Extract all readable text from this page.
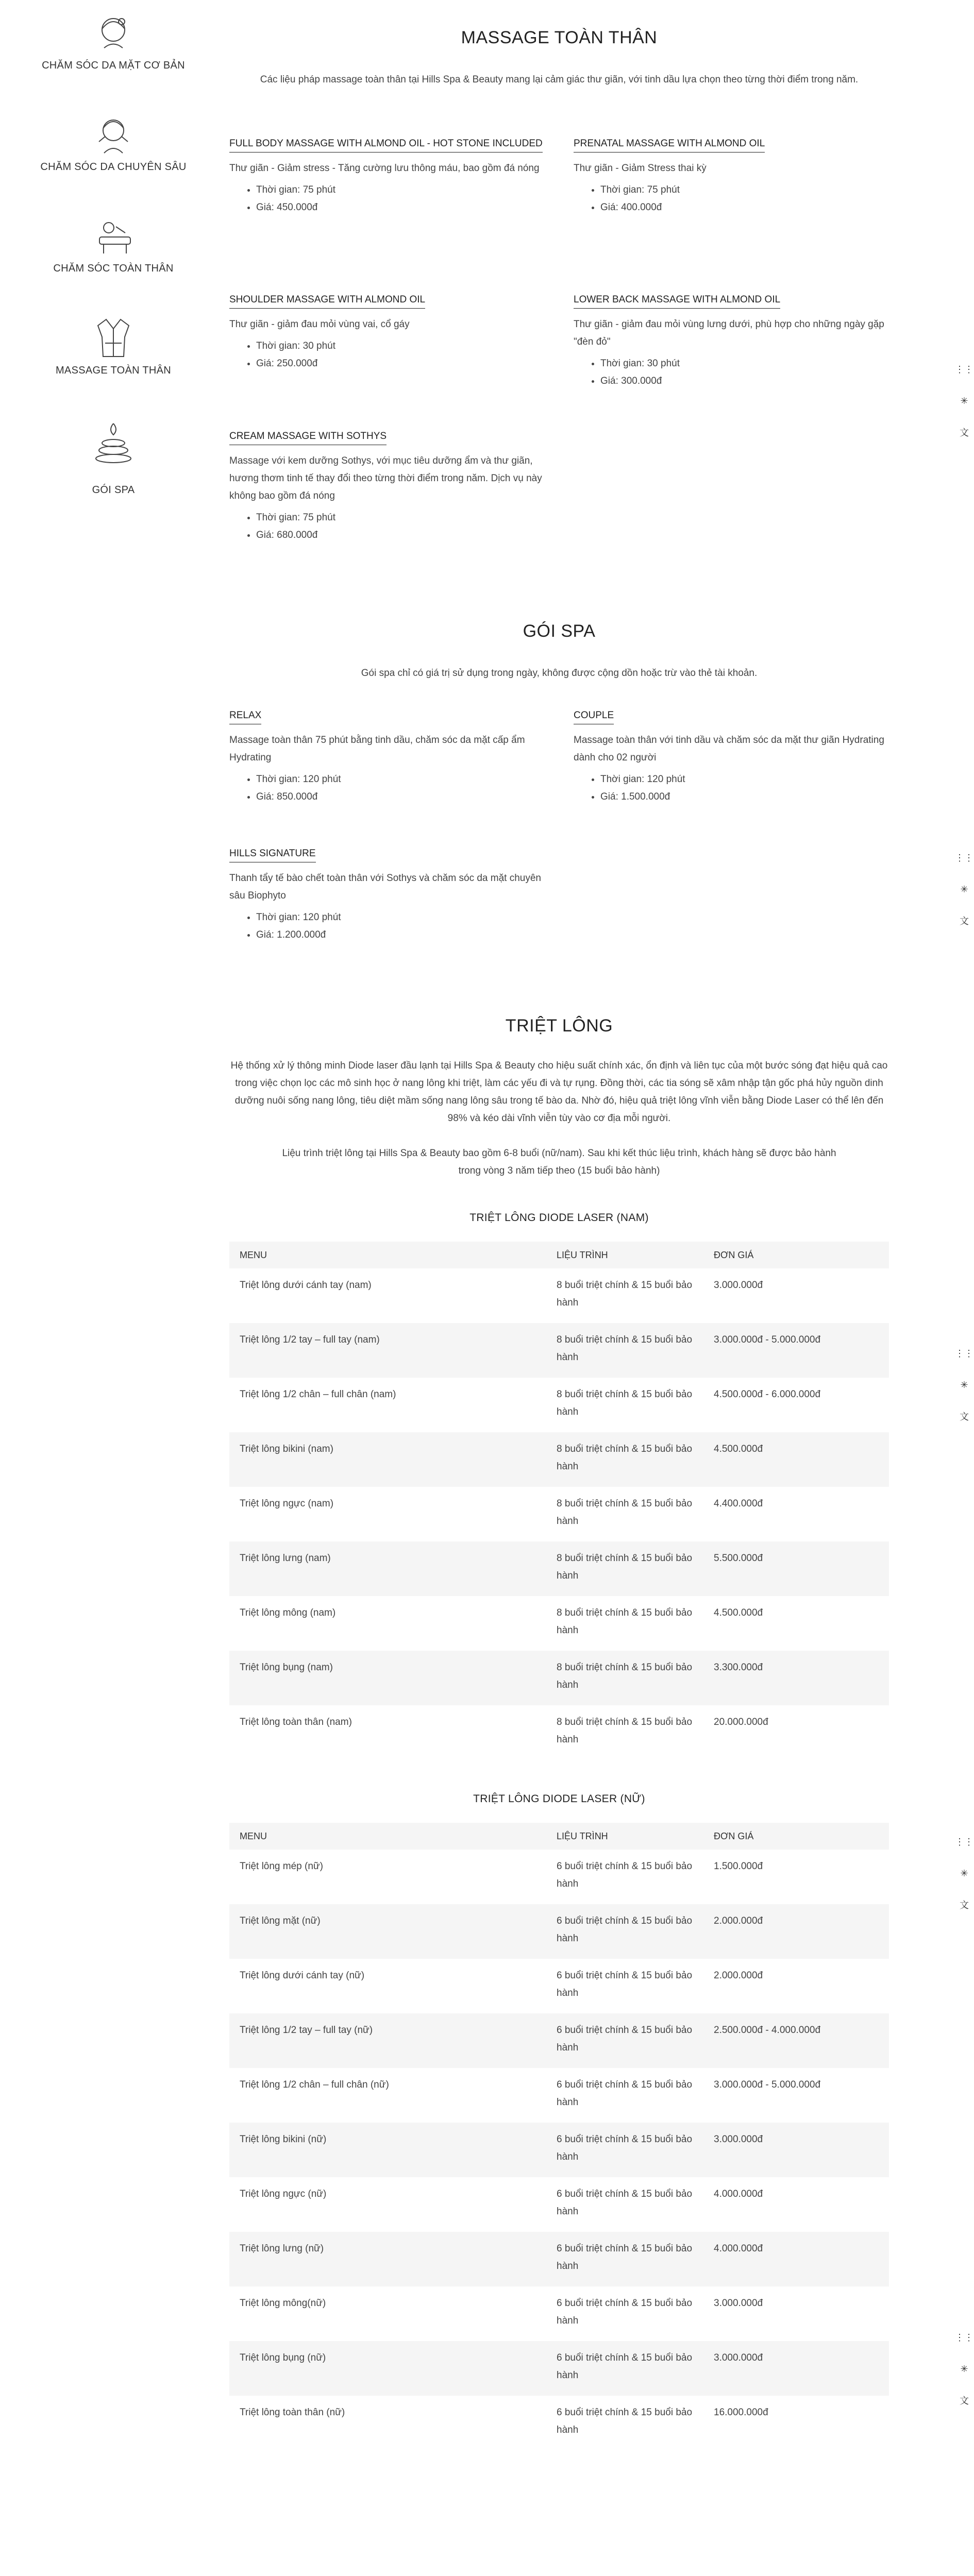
CHĂM SÓC DA MẶT CƠ BẢN
CHĂM SÓC DA CHUYÊN SÂU
CHĂM SÓC TOÀN THÂN
MASSAGE TOÀN THÂN
GÓI SPA
MASSAGE TOÀN THÂN

Các liệu pháp massage toàn thân tại Hills Spa & Beauty mang lại cảm giác thư giãn, với tinh dầu lựa chọn theo từng thời điểm trong năm.

FULL BODY MASSAGE WITH ALMOND OIL - HOT STONE INCLUDED

Thư giãn - Giảm stress - Tăng cường lưu thông máu, bao gồm đá nóng

• Thời gian: 75 phút
• Giá: 450.000đ
PRENATAL MASSAGE WITH ALMOND OIL

Thư giãn - Giảm Stress thai kỳ

• Thời gian: 75 phút
• Giá: 400.000đ
SHOULDER MASSAGE WITH ALMOND OIL

Thư giãn - giảm đau mỏi vùng vai, cổ gáy

• Thời gian: 30 phút
• Giá: 250.000đ
LOWER BACK MASSAGE WITH ALMOND OIL

Thư giãn - giảm đau mỏi vùng lưng dưới, phù hợp cho những ngày gặp "đèn đỏ"

• Thời gian: 30 phút
• Giá: 300.000đ
CREAM MASSAGE WITH SOTHYS

Massage với kem dưỡng Sothys, với mục tiêu dưỡng ẩm và thư giãn, hương thơm tinh tế thay đổi theo từng thời điểm trong năm. Dịch vụ này không bao gồm đá nóng

• Thời gian: 75 phút
• Giá: 680.000đ
GÓI SPA

Gói spa chỉ có giá trị sử dụng trong ngày, không được cộng dồn hoặc trừ vào thẻ tài khoản.

RELAX

Massage toàn thân 75 phút bằng tinh dầu, chăm sóc da mặt cấp ẩm Hydrating

• Thời gian: 120 phút
• Giá: 850.000đ
COUPLE

Massage toàn thân với tinh dầu và chăm sóc da mặt thư giãn Hydrating dành cho 02 người

• Thời gian: 120 phút
• Giá: 1.500.000đ
HILLS SIGNATURE

Thanh tẩy tế bào chết toàn thân với Sothys và chăm sóc da mặt chuyên sâu Biophyto

• Thời gian: 120 phút
• Giá: 1.200.000đ
TRIỆT LÔNG

Hệ thống xử lý thông minh Diode laser đầu lạnh tại Hills Spa & Beauty cho hiệu suất chính xác, ổn định và liên tục của một bước sóng đạt hiệu quả cao trong việc chọn lọc các mô sinh học ở nang lông khi triệt, làm các yếu đi và tự rụng. Đồng thời, các tia sóng sẽ xâm nhập tận gốc phá hủy nguồn dinh dưỡng nuôi sống nang lông, tiêu diệt mầm sống nang lông sâu trong tế bào da. Nhờ đó, hiệu quả triệt lông vĩnh viễn bằng Diode Laser có thể lên đến 98% và kéo dài vĩnh viễn tùy vào cơ địa mỗi người.

Liệu trình triệt lông tại Hills Spa & Beauty bao gồm 6-8 buổi (nữ/nam). Sau khi kết thúc liệu trình, khách hàng sẽ được bảo hành trong vòng 3 năm tiếp theo (15 buổi bảo hành)

TRIỆT LÔNG DIODE LASER (NAM)
MENU	LIỆU TRÌNH	ĐƠN GIÁ
Triệt lông dưới cánh tay (nam)	8 buổi triệt chính & 15 buổi bảo hành	3.000.000đ
Triệt lông 1/2 tay – full tay (nam)	8 buổi triệt chính & 15 buổi bảo hành	3.000.000đ - 5.000.000đ
Triệt lông 1/2 chân – full chân (nam)	8 buổi triệt chính & 15 buổi bảo hành	4.500.000đ - 6.000.000đ
Triệt lông bikini (nam)	8 buổi triệt chính & 15 buổi bảo hành	4.500.000đ
Triệt lông ngực (nam)	8 buổi triệt chính & 15 buổi bảo hành	4.400.000đ
Triệt lông lưng (nam)	8 buổi triệt chính & 15 buổi bảo hành	5.500.000đ
Triệt lông mông (nam)	8 buổi triệt chính & 15 buổi bảo hành	4.500.000đ
Triệt lông bụng (nam)	8 buổi triệt chính & 15 buổi bảo hành	3.300.000đ
Triệt lông toàn thân (nam)	8 buổi triệt chính & 15 buổi bảo hành	20.000.000đ
TRIỆT LÔNG DIODE LASER (NỮ)
MENU	LIỆU TRÌNH	ĐƠN GIÁ
Triệt lông mép (nữ)	6 buổi triệt chính & 15 buổi bảo hành	1.500.000đ
Triệt lông mặt (nữ)	6 buổi triệt chính & 15 buổi bảo hành	2.000.000đ
Triệt lông dưới cánh tay (nữ)	6 buổi triệt chính & 15 buổi bảo hành	2.000.000đ
Triệt lông 1/2 tay – full tay (nữ)	6 buổi triệt chính & 15 buổi bảo hành	2.500.000đ - 4.000.000đ
Triệt lông 1/2 chân – full chân (nữ)	6 buổi triệt chính & 15 buổi bảo hành	3.000.000đ - 5.000.000đ
Triệt lông bikini (nữ)	6 buổi triệt chính & 15 buổi bảo hành	3.000.000đ
Triệt lông ngực (nữ)	6 buổi triệt chính & 15 buổi bảo hành	4.000.000đ
Triệt lông lưng (nữ)	6 buổi triệt chính & 15 buổi bảo hành	4.000.000đ
Triệt lông mông(nữ)	6 buổi triệt chính & 15 buổi bảo hành	3.000.000đ
Triệt lông bụng (nữ)	6 buổi triệt chính & 15 buổi bảo hành	3.000.000đ
Triệt lông toàn thân (nữ)	6 buổi triệt chính & 15 buổi bảo hành	16.000.000đ
⋮⋮
✳
文
⋮⋮
✳
文
⋮⋮
✳
文
⋮⋮
✳
文
⋮⋮
✳
文
